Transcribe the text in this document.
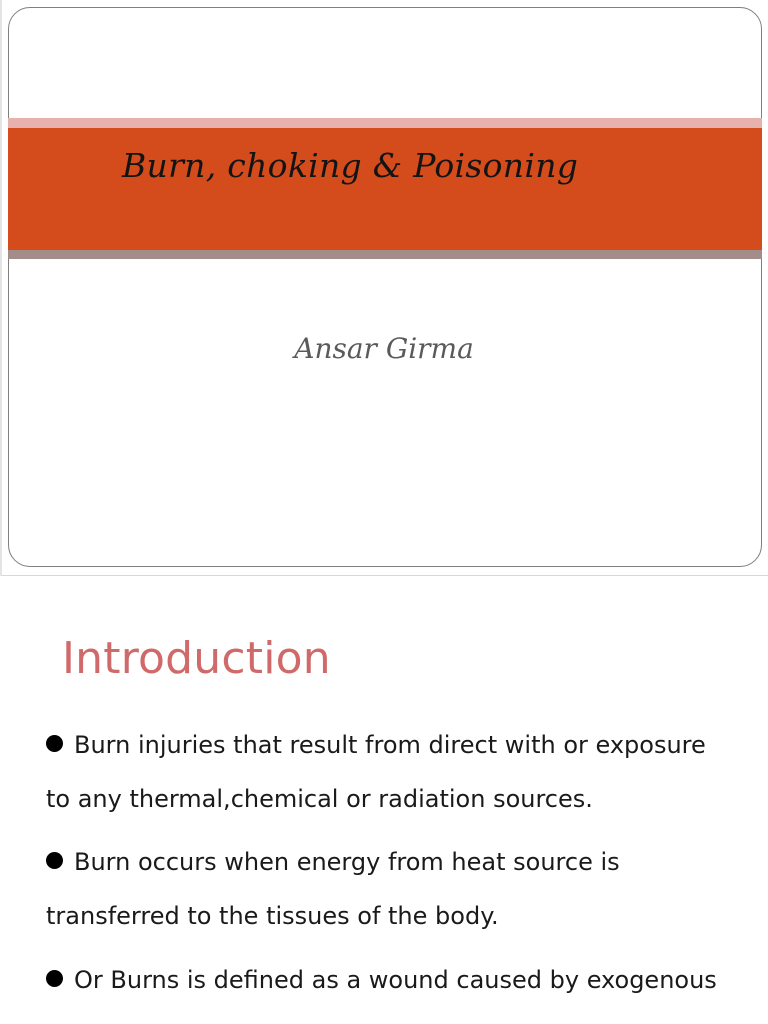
Burn, choking & Poisoning

Ansar Girma

Introduction

Burn injuries that result from direct with or exposure to any thermal,chemical or radiation sources.

Burn occurs when energy from heat source is transferred to the tissues of the body.

Or Burns is defined as a wound caused by exogenous
